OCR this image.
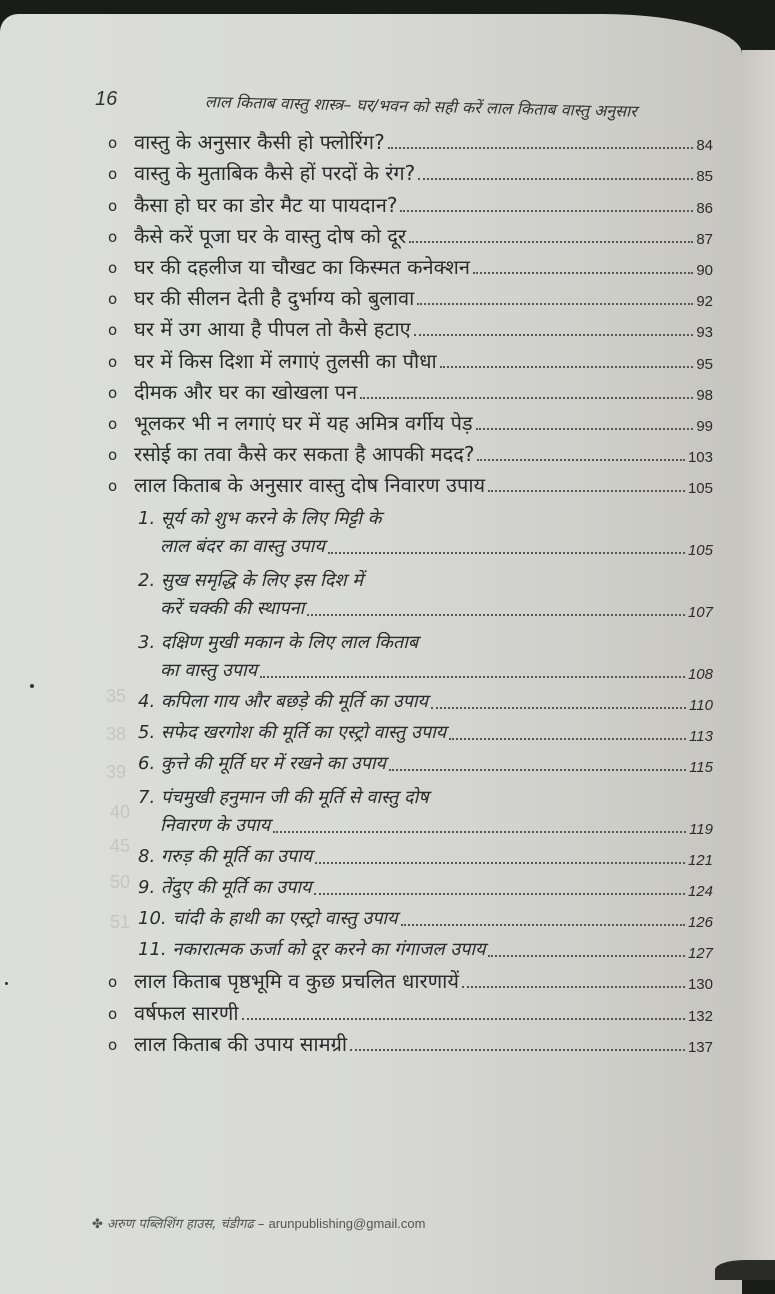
35
38
39
40
45
50
51
16	लाल किताब वास्तु शास्त्र– घर/भवन को सही करें लाल किताब वास्तु अनुसार
o वास्तु के अनुसार कैसी हो फ्लोरिंग?	84
o वास्तु के मुताबिक कैसे हों परदों के रंग?	85
o कैसा हो घर का डोर मैट या पायदान?	86
o कैसे करें पूजा घर के वास्तु दोष को दूर	87
o घर की दहलीज या चौखट का किस्मत कनेक्शन	90
o घर की सीलन देती है दुर्भाग्य को बुलावा	92
o घर में उग आया है पीपल तो कैसे हटाए	93
o घर में किस दिशा में लगाएं तुलसी का पौधा	95
o दीमक और घर का खोखला पन	98
o भूलकर भी न लगाएं घर में यह अमित्र वर्गीय पेड़	99
o रसोई का तवा कैसे कर सकता है आपकी मदद?	103
o लाल किताब के अनुसार वास्तु दोष निवारण उपाय	105
1. सूर्य को शुभ करने के लिए मिट्टी के
लाल बंदर का वास्तु उपाय	105
2. सुख समृद्धि के लिए इस दिश में
करें चक्की की स्थापना	107
3. दक्षिण मुखी मकान के लिए लाल किताब
का वास्तु उपाय	108
4.
कपिला गाय और बछड़े की मूर्ति का उपाय	110
5.
सफेद खरगोश की मूर्ति का एस्ट्रो वास्तु उपाय	113
6.
कुत्ते की मूर्ति घर में रखने का उपाय	115
7. पंचमुखी हनुमान जी की मूर्ति से वास्तु दोष
निवारण के उपाय	119
8.
गरुड़ की मूर्ति का उपाय	121
9.
तेंदुए की मूर्ति का उपाय	124
10.
चांदी के हाथी का एस्ट्रो वास्तु उपाय	126
11.
नकारात्मक ऊर्जा को दूर करने का गंगाजल उपाय	127
o लाल किताब पृष्ठभूमि व कुछ प्रचलित धारणायें	130
o वर्षफल सारणी	132
o लाल किताब की उपाय सामग्री	137
✤ अरुण पब्लिशिंग हाउस, चंडीगढ – arunpublishing@gmail.com
